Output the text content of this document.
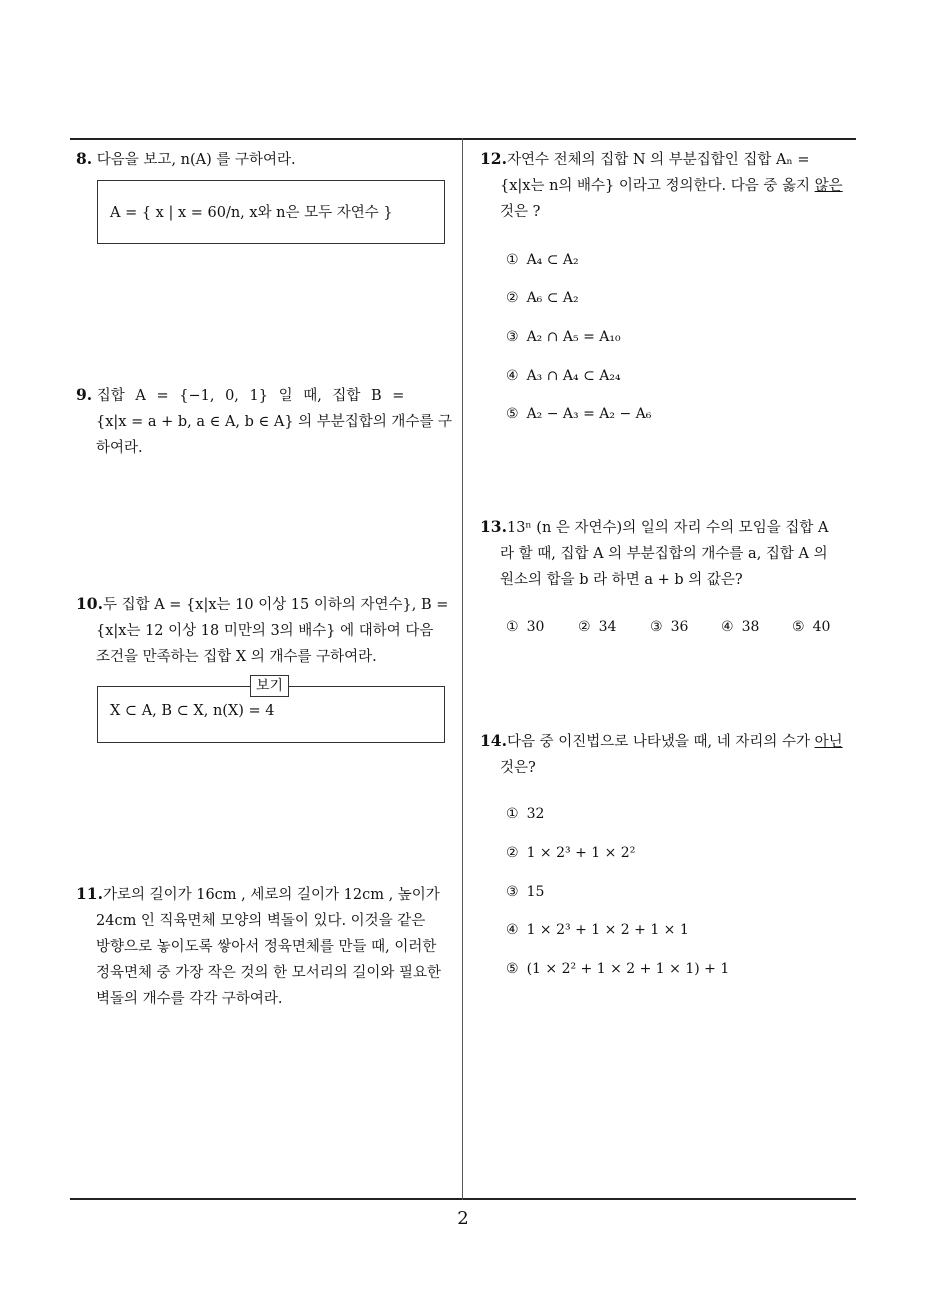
8. 다음을 보고, n(A) 를 구하여라.
A = { x | x = 60/n, x와 n은 모두 자연수 }
9. 집합 A = {−1, 0, 1} 일 때, 집합 B =
{x|x = a + b, a ∈ A, b ∈ A} 의 부분집합의 개수를 구
하여라.
10.두 집합 A = {x|x는 10 이상 15 이하의 자연수}, B =
{x|x는 12 이상 18 미만의 3의 배수} 에 대하여 다음
조건을 만족하는 집합 X 의 개수를 구하여라.
X ⊂ A, B ⊂ X, n(X) = 4
보기
11.가로의 길이가 16cm , 세로의 길이가 12cm , 높이가
24cm 인 직육면체 모양의 벽돌이 있다. 이것을 같은
방향으로 놓이도록 쌓아서 정육면체를 만들 때, 이러한
정육면체 중 가장 작은 것의 한 모서리의 길이와 필요한
벽돌의 개수를 각각 구하여라.
12.자연수 전체의 집합 N 의 부분집합인 집합 Aₙ =
{x|x는 n의 배수} 이라고 정의한다. 다음 중 옳지 않은
것은 ?
① A₄ ⊂ A₂
② A₆ ⊂ A₂
③ A₂ ∩ A₅ = A₁₀
④ A₃ ∩ A₄ ⊂ A₂₄
⑤ A₂ − A₃ = A₂ − A₆
13.13ⁿ (n 은 자연수)의 일의 자리 수의 모임을 집합 A
라 할 때, 집합 A 의 부분집합의 개수를 a, 집합 A 의
원소의 합을 b 라 하면 a + b 의 값은?
① 30 ② 34 ③ 36 ④ 38 ⑤ 40
14.다음 중 이진법으로 나타냈을 때, 네 자리의 수가 아닌
것은?
① 32
② 1 × 2³ + 1 × 2²
③ 15
④ 1 × 2³ + 1 × 2 + 1 × 1
⑤ (1 × 2² + 1 × 2 + 1 × 1) + 1
2
